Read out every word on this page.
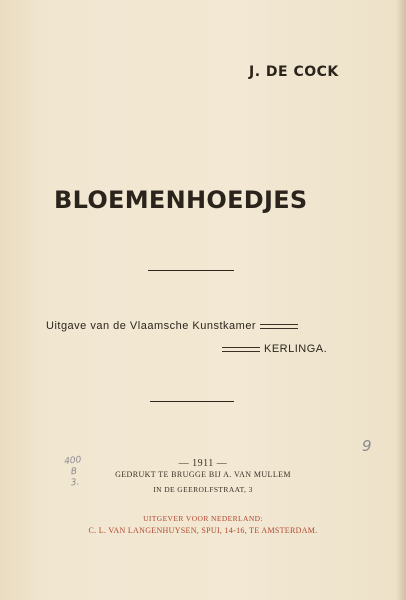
J. DE COCK
BLOEMENHOEDJES
Uitgave van de Vlaamsche Kunstkamer
KERLINGA.
400
B
3.
9
— 1911 —
GEDRUKT TE BRUGGE BIJ A. VAN MULLEM
IN DE GEEROLFSTRAAT, 3
UITGEVER VOOR NEDERLAND:
C. L. VAN LANGENHUYSEN, SPUI, 14-16, TE AMSTERDAM.
